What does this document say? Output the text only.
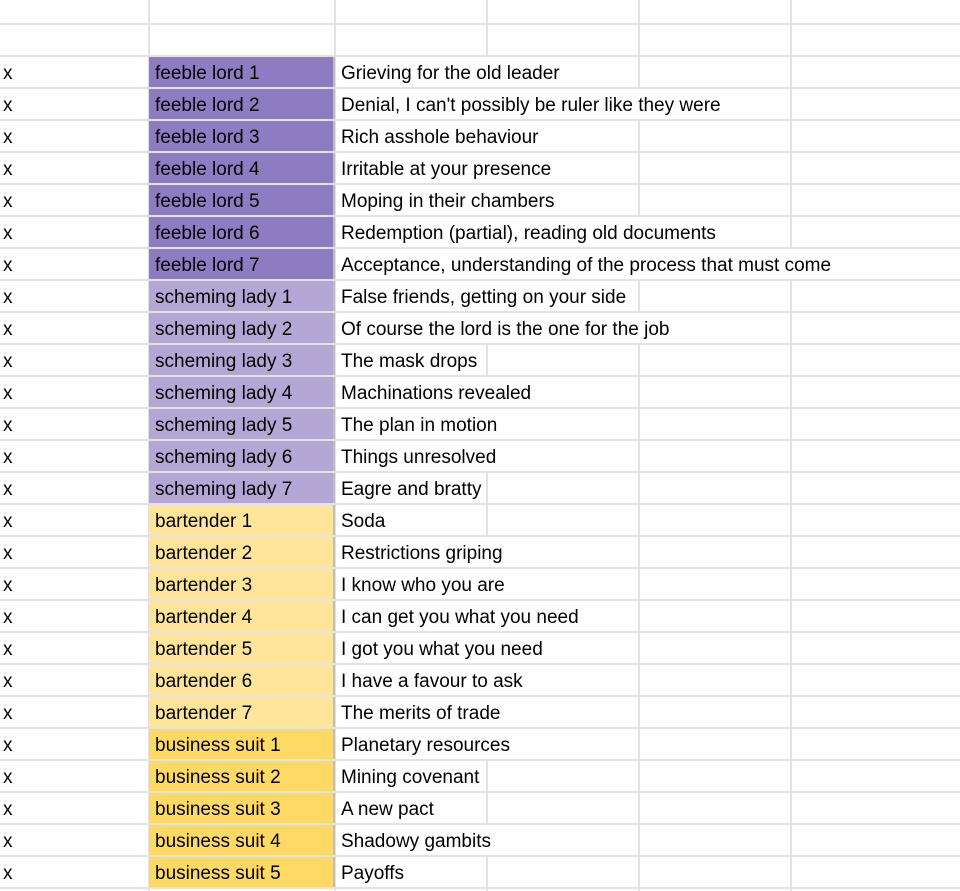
x	feeble lord 1	Grieving for the old leader
x	feeble lord 2	Denial, I can't possibly be ruler like they were
x	feeble lord 3	Rich asshole behaviour
x	feeble lord 4	Irritable at your presence
x	feeble lord 5	Moping in their chambers
x	feeble lord 6	Redemption (partial), reading old documents
x	feeble lord 7	Acceptance, understanding of the process that must come
x	scheming lady 1	False friends, getting on your side
x	scheming lady 2	Of course the lord is the one for the job
x	scheming lady 3	The mask drops
x	scheming lady 4	Machinations revealed
x	scheming lady 5	The plan in motion
x	scheming lady 6	Things unresolved
x	scheming lady 7	Eagre and bratty
x	bartender 1	Soda
x	bartender 2	Restrictions griping
x	bartender 3	I know who you are
x	bartender 4	I can get you what you need
x	bartender 5	I got you what you need
x	bartender 6	I have a favour to ask
x	bartender 7	The merits of trade
x	business suit 1	Planetary resources
x	business suit 2	Mining covenant
x	business suit 3	A new pact
x	business suit 4	Shadowy gambits
x	business suit 5	Payoffs
